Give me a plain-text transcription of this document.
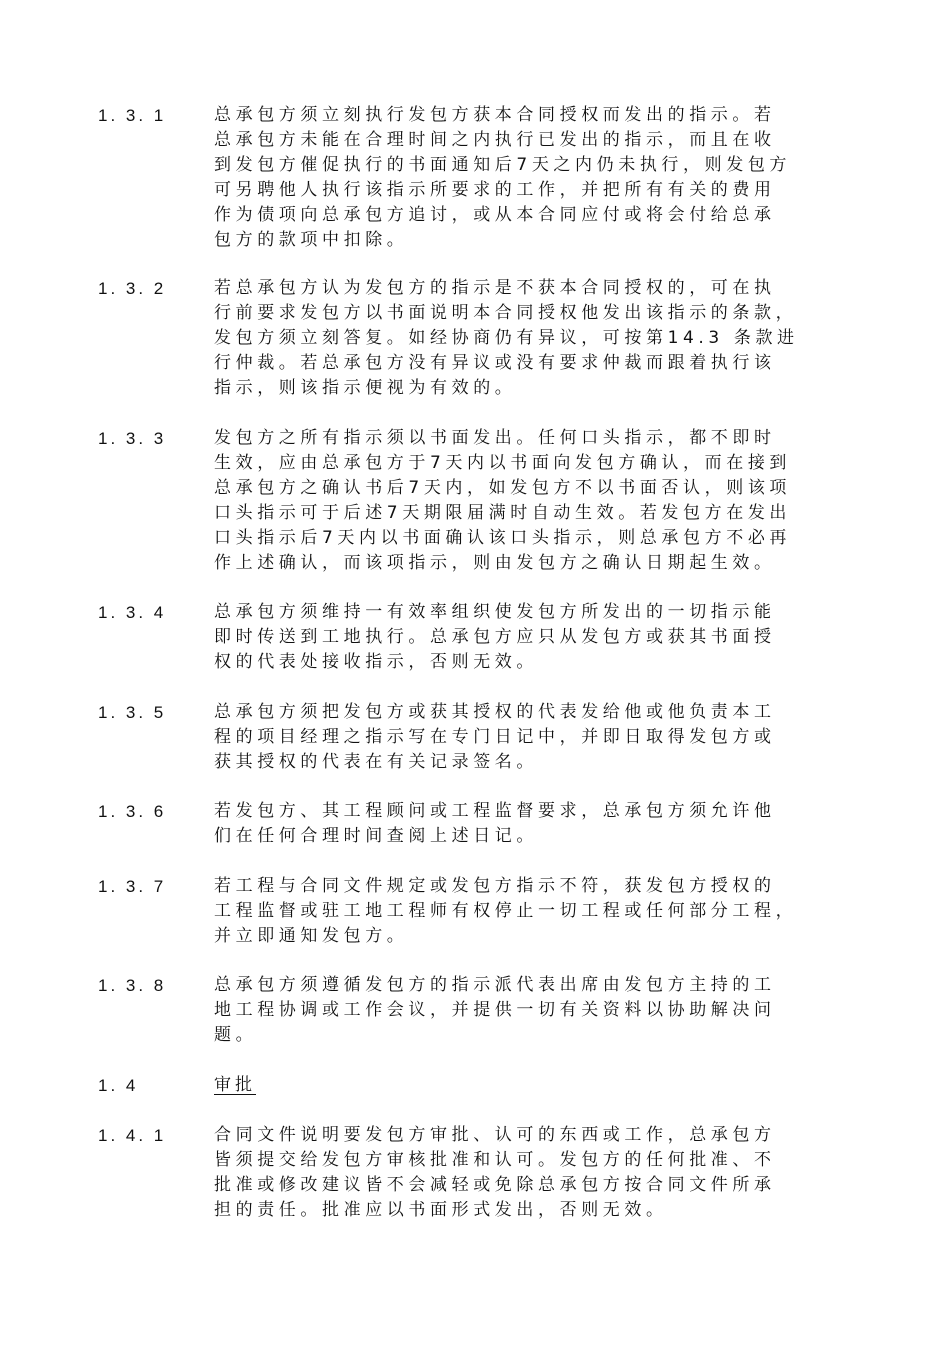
1. 3. 1	总承包方须立刻执行发包方获本合同授权而发出的指示。若
总承包方未能在合理时间之内执行已发出的指示，而且在收
到发包方催促执行的书面通知后7天之内仍未执行，则发包方
可另聘他人执行该指示所要求的工作，并把所有有关的费用
作为债项向总承包方追讨，或从本合同应付或将会付给总承
包方的款项中扣除。
1. 3. 2	若总承包方认为发包方的指示是不获本合同授权的，可在执
行前要求发包方以书面说明本合同授权他发出该指示的条款，
发包方须立刻答复。如经协商仍有异议，可按第14.3 条款进
行仲裁。若总承包方没有异议或没有要求仲裁而跟着执行该
指示，则该指示便视为有效的。
1. 3. 3	发包方之所有指示须以书面发出。任何口头指示，都不即时
生效，应由总承包方于7天内以书面向发包方确认，而在接到
总承包方之确认书后7天内，如发包方不以书面否认，则该项
口头指示可于后述7天期限届满时自动生效。若发包方在发出
口头指示后7天内以书面确认该口头指示，则总承包方不必再
作上述确认，而该项指示，则由发包方之确认日期起生效。
1. 3. 4	总承包方须维持一有效率组织使发包方所发出的一切指示能
即时传送到工地执行。总承包方应只从发包方或获其书面授
权的代表处接收指示，否则无效。
1. 3. 5	总承包方须把发包方或获其授权的代表发给他或他负责本工
程的项目经理之指示写在专门日记中，并即日取得发包方或
获其授权的代表在有关记录签名。
1. 3. 6	若发包方、其工程顾问或工程监督要求，总承包方须允许他
们在任何合理时间查阅上述日记。
1. 3. 7	若工程与合同文件规定或发包方指示不符，获发包方授权的
工程监督或驻工地工程师有权停止一切工程或任何部分工程，
并立即通知发包方。
1. 3. 8	总承包方须遵循发包方的指示派代表出席由发包方主持的工
地工程协调或工作会议，并提供一切有关资料以协助解决问
题。
1. 4	审批
1. 4. 1	合同文件说明要发包方审批、认可的东西或工作，总承包方
皆须提交给发包方审核批准和认可。发包方的任何批准、不
批准或修改建议皆不会减轻或免除总承包方按合同文件所承
担的责任。批准应以书面形式发出，否则无效。
